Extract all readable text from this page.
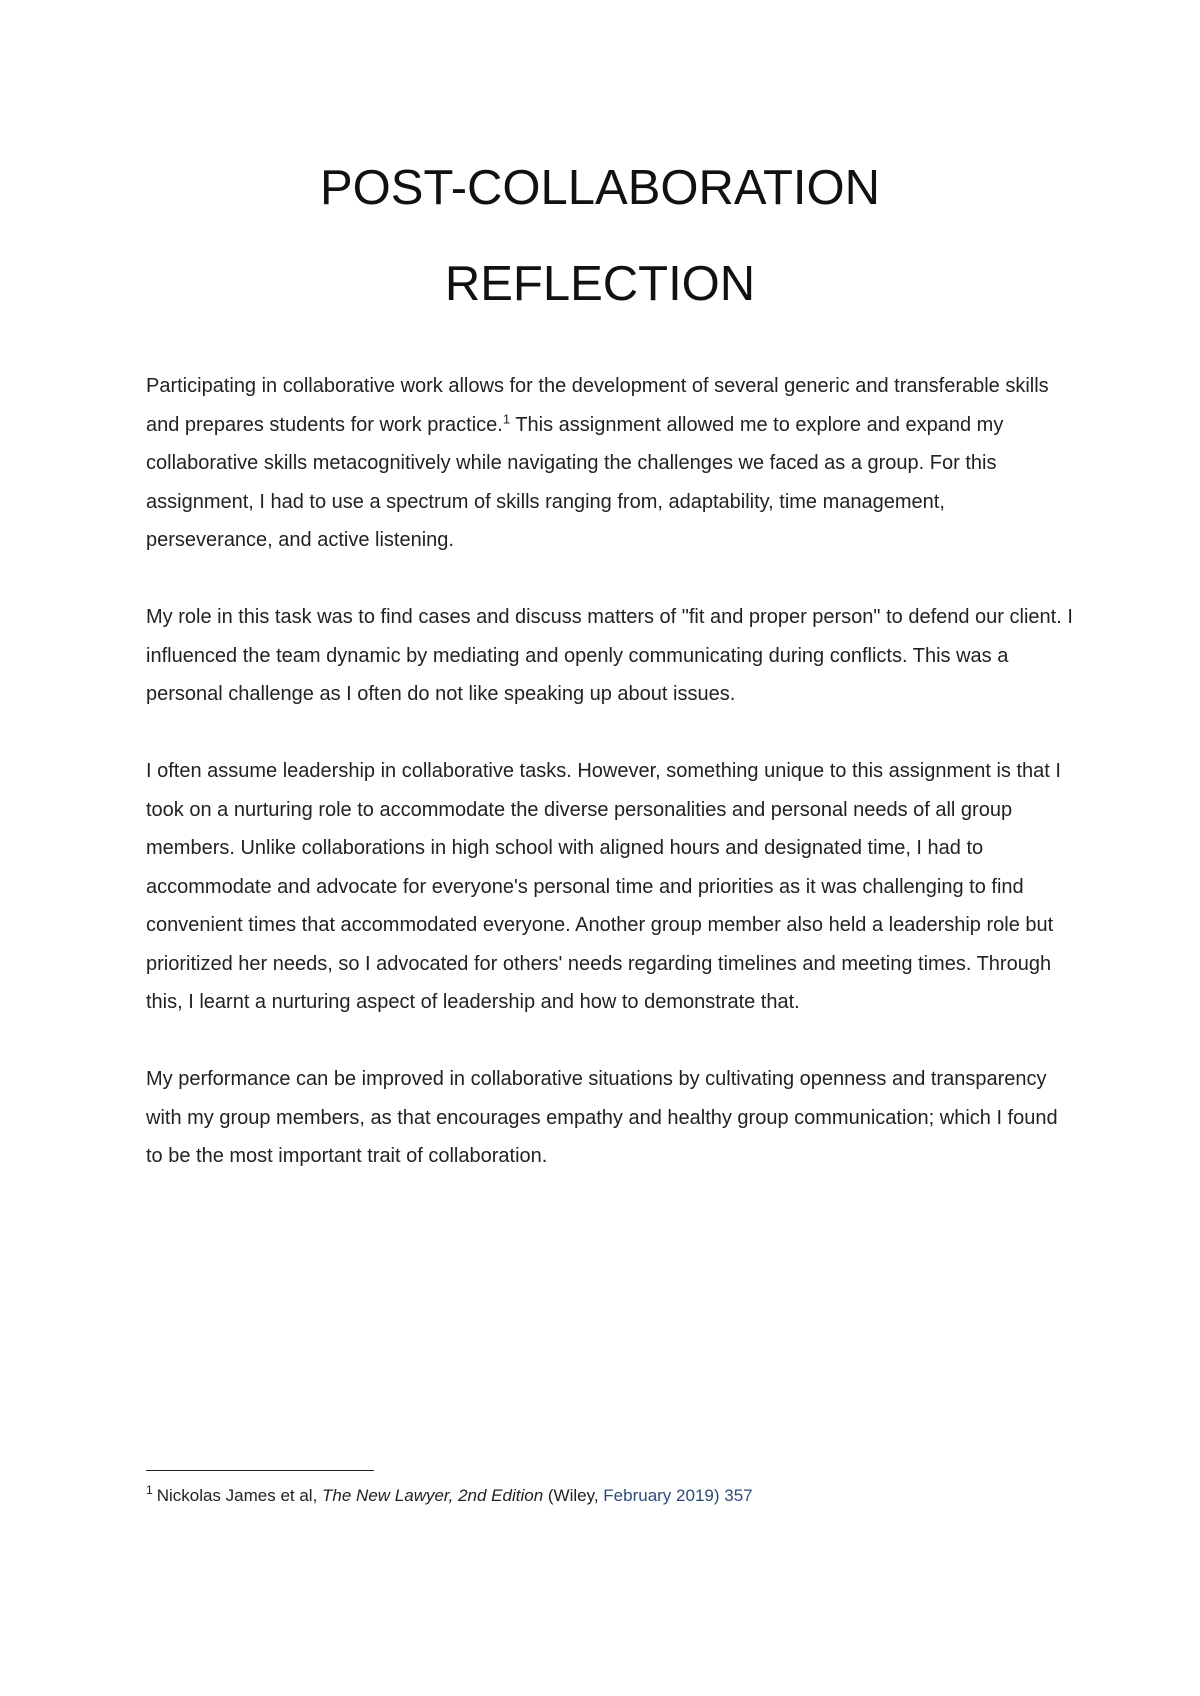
POST-COLLABORATION
REFLECTION

Participating in collaborative work allows for the development of several generic and transferable skills and prepares students for work practice.$^1$ This assignment allowed me to explore and expand my collaborative skills metacognitively while navigating the challenges we faced as a group. For this assignment, I had to use a spectrum of skills ranging from, adaptability, time management, perseverance, and active listening.

My role in this task was to find cases and discuss matters of "fit and proper person" to defend our client. I influenced the team dynamic by mediating and openly communicating during conflicts. This was a personal challenge as I often do not like speaking up about issues.

I often assume leadership in collaborative tasks. However, something unique to this assignment is that I took on a nurturing role to accommodate the diverse personalities and personal needs of all group members. Unlike collaborations in high school with aligned hours and designated time, I had to accommodate and advocate for everyone's personal time and priorities as it was challenging to find convenient times that accommodated everyone. Another group member also held a leadership role but prioritized her needs, so I advocated for others' needs regarding timelines and meeting times. Through this, I learnt a nurturing aspect of leadership and how to demonstrate that.

My performance can be improved in collaborative situations by cultivating openness and transparency with my group members, as that encourages empathy and healthy group communication; which I found to be the most important trait of collaboration.

$^1$ Nickolas James et al, The New Lawyer, 2nd Edition (Wiley, February 2019) 357
